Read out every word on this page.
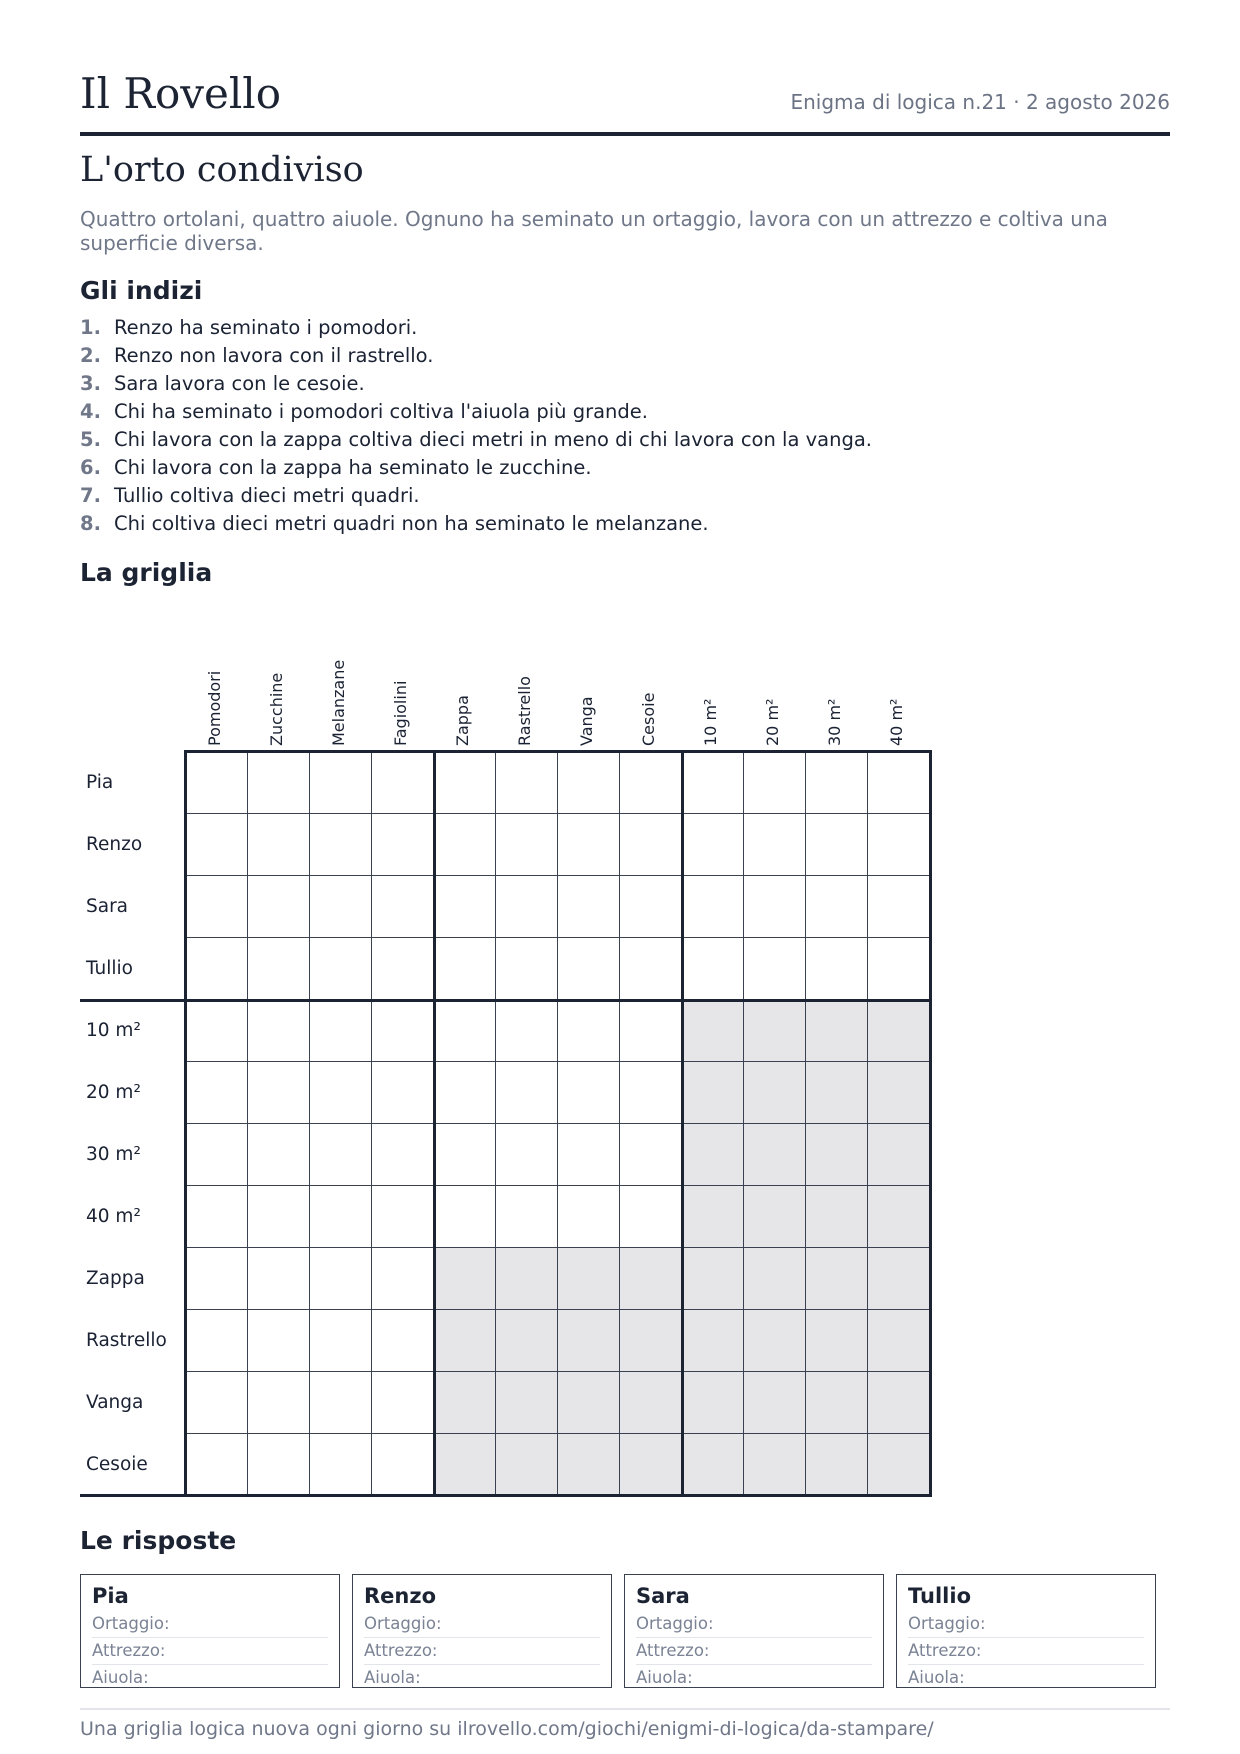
Il Rovello	Enigma di logica n.21 · 2 agosto 2026
L'orto condiviso

Quattro ortolani, quattro aiuole. Ognuno ha seminato un ortaggio, lavora con un attrezzo e coltiva una superficie diversa.

Gli indizi
1. Renzo ha seminato i pomodori.
2. Renzo non lavora con il rastrello.
3. Sara lavora con le cesoie.
4. Chi ha seminato i pomodori coltiva l'aiuola più grande.
5. Chi lavora con la zappa coltiva dieci metri in meno di chi lavora con la vanga.
6. Chi lavora con la zappa ha seminato le zucchine.
7. Tullio coltiva dieci metri quadri.
8. Chi coltiva dieci metri quadri non ha seminato le melanzane.
La griglia
Pomodori	Zucchine	Melanzane	Fagiolini	Zappa	Rastrello	Vanga	Cesoie	10 m²	20 m²	30 m²	40 m²
Pia
Renzo
Sara
Tullio
10 m²
20 m²
30 m²
40 m²
Zappa
Rastrello
Vanga
Cesoie
Le risposte
Pia
Ortaggio:
Attrezzo:
Aiuola:
Renzo
Ortaggio:
Attrezzo:
Aiuola:
Sara
Ortaggio:
Attrezzo:
Aiuola:
Tullio
Ortaggio:
Attrezzo:
Aiuola:
Una griglia logica nuova ogni giorno su ilrovello.com/giochi/enigmi-di-logica/da-stampare/
